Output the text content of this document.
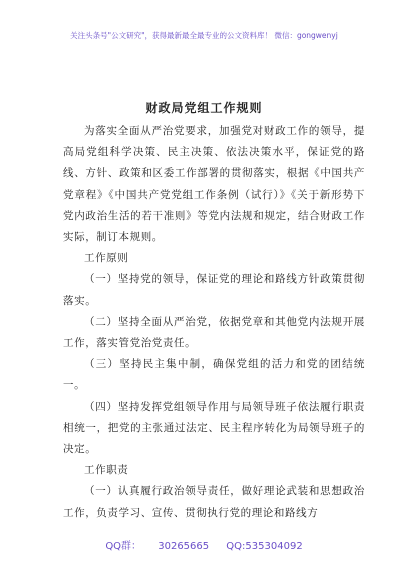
关注头条号"公文研究"，获得最新最全最专业的公文资料库！ 微信：gongwenyj
财政局党组工作规则

为落实全面从严治党要求，加强党对财政工作的领导，提高局党组科学决策、民主决策、依法决策水平，保证党的路线、方针、政策和区委工作部署的贯彻落实，根据《中国共产党章程》《中国共产党党组工作条例（试行）》《关于新形势下党内政治生活的若干准则》等党内法规和规定，结合财政工作实际，制订本规则。

工作原则

（一）坚持党的领导，保证党的理论和路线方针政策贯彻落实。

（二）坚持全面从严治党，依据党章和其他党内法规开展工作，落实管党治党责任。

（三）坚持民主集中制，确保党组的活力和党的团结统一。

（四）坚持发挥党组领导作用与局领导班子依法履行职责相统一，把党的主张通过法定、民主程序转化为局领导班子的决定。

工作职责

（一）认真履行政治领导责任，做好理论武装和思想政治工作，负责学习、宣传、贯彻执行党的理论和路线方

QQ群： 30265665 QQ:535304092
